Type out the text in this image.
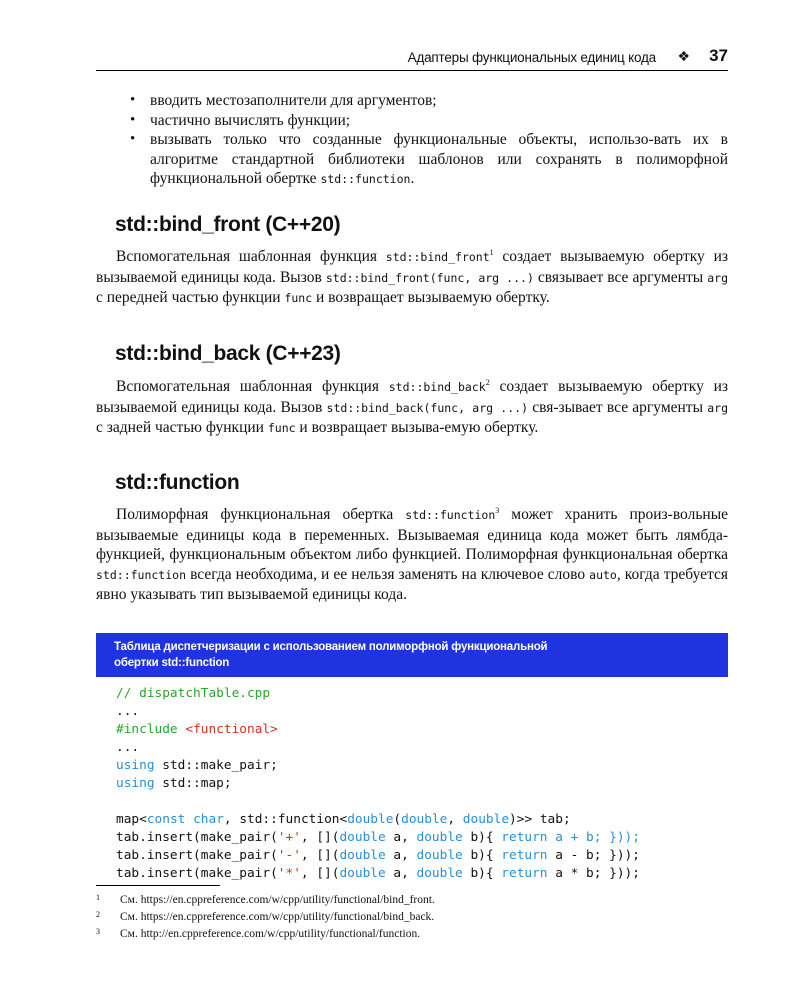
Адаптеры функциональных единиц кода ❖ 37
• вводить местозаполнители для аргументов;
• частично вычислять функции;
• вызывать только что созданные функциональные объекты, использо-вать их в алгоритме стандартной библиотеки шаблонов или сохранять в полиморфной функциональной обертке std::function.
std::bind_front (C++20)

Вспомогательная шаблонная функция std::bind_front$^1$ создает вызываемую обертку из вызываемой единицы кода. Вызов std::bind_front(func, arg ...) связывает все аргументы arg с передней частью функции func и возвращает вызываемую обертку.

std::bind_back (C++23)

Вспомогательная шаблонная функция std::bind_back$^2$ создает вызываемую обертку из вызываемой единицы кода. Вызов std::bind_back(func, arg ...) свя-зывает все аргументы arg с задней частью функции func и возвращает вызыва-емую обертку.

std::function

Полиморфная функциональная обертка std::function$^3$ может хранить произ-вольные вызываемые единицы кода в переменных. Вызываемая единица кода может быть лямбда-функцией, функциональным объектом либо функцией. Полиморфная функциональная обертка std::function всегда необходима, и ее нельзя заменять на ключевое слово auto, когда требуется явно указывать тип вызываемой единицы кода.

Таблица диспетчеризации с использованием полиморфной функциональной
обертки std::function
// dispatchTable.cpp
...
#include <functional>
...
using std::make_pair;
using std::map;

map<const char, std::function<double(double, double)>> tab;
tab.insert(make_pair('+', [](double a, double b){ return a + b; }));
tab.insert(make_pair('-', [](double a, double b){ return a - b; }));
tab.insert(make_pair('*', [](double a, double b){ return a * b; }));
1 См. https://en.cppreference.com/w/cpp/utility/functional/bind_front.
2 См. https://en.cppreference.com/w/cpp/utility/functional/bind_back.
3 См. http://en.cppreference.com/w/cpp/utility/functional/function.
